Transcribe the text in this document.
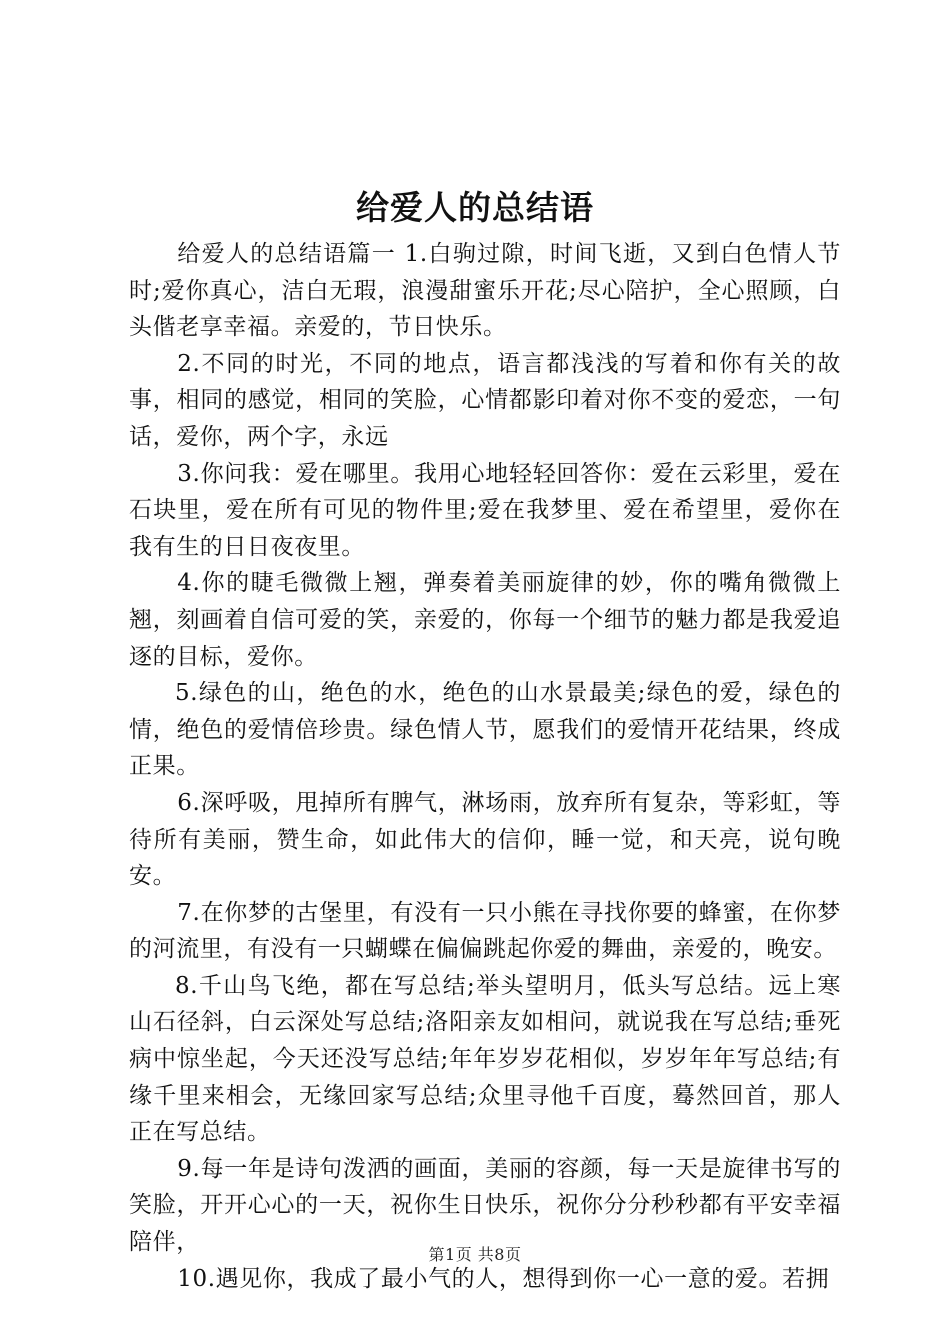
给爱人的总结语

给爱人的总结语篇一 1.白驹过隙，时间飞逝，又到白色情人节时;爱你真心，洁白无瑕，浪漫甜蜜乐开花;尽心陪护，全心照顾，白头偕老享幸福。亲爱的，节日快乐。

2.不同的时光，不同的地点，语言都浅浅的写着和你有关的故事，相同的感觉，相同的笑脸，心情都影印着对你不变的爱恋，一句话，爱你，两个字，永远

3.你问我：爱在哪里。我用心地轻轻回答你：爱在云彩里，爱在石块里，爱在所有可见的物件里;爱在我梦里、爱在希望里，爱你在我有生的日日夜夜里。

4.你的睫毛微微上翘，弹奏着美丽旋律的妙，你的嘴角微微上翘，刻画着自信可爱的笑，亲爱的，你每一个细节的魅力都是我爱追逐的目标，爱你。

5.绿色的山，绝色的水，绝色的山水景最美;绿色的爱，绿色的情，绝色的爱情倍珍贵。绿色情人节，愿我们的爱情开花结果，终成正果。

6.深呼吸，甩掉所有脾气，淋场雨，放弃所有复杂，等彩虹，等待所有美丽，赞生命，如此伟大的信仰，睡一觉，和天亮，说句晚安。

7.在你梦的古堡里，有没有一只小熊在寻找你要的蜂蜜，在你梦的河流里，有没有一只蝴蝶在偏偏跳起你爱的舞曲，亲爱的，晚安。

8.千山鸟飞绝，都在写总结;举头望明月，低头写总结。远上寒山石径斜，白云深处写总结;洛阳亲友如相问，就说我在写总结;垂死病中惊坐起，今天还没写总结;年年岁岁花相似，岁岁年年写总结;有缘千里来相会，无缘回家写总结;众里寻他千百度，蓦然回首，那人正在写总结。

9.每一年是诗句泼洒的画面，美丽的容颜，每一天是旋律书写的笑脸，开开心心的一天，祝你生日快乐，祝你分分秒秒都有平安幸福陪伴，

10.遇见你，我成了最小气的人，想得到你一心一意的爱。若拥

第1页 共8页
